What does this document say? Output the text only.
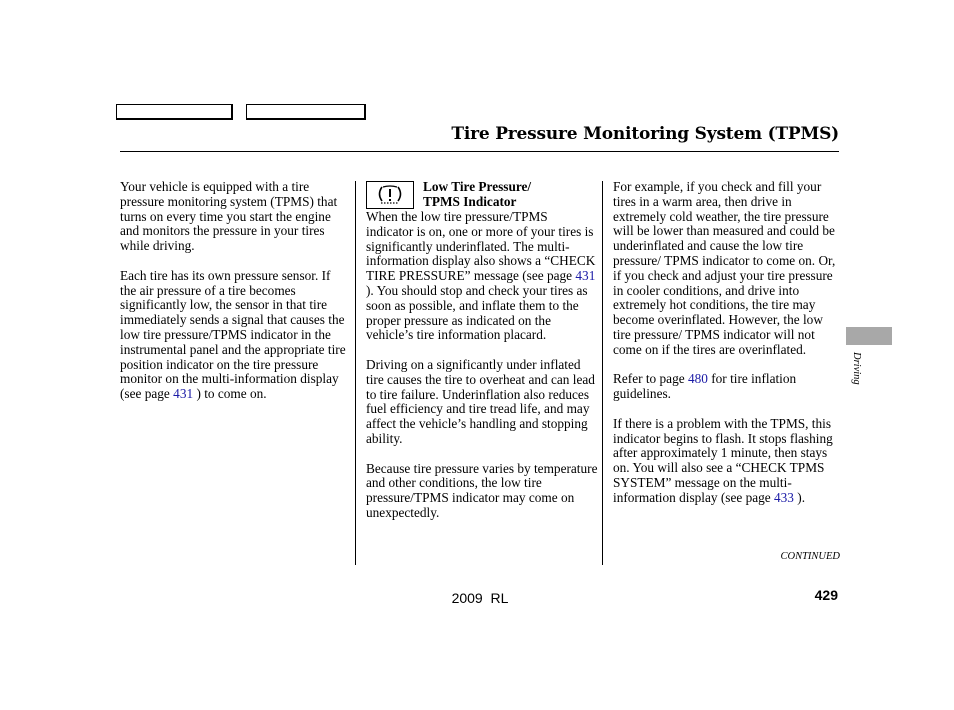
Tire Pressure Monitoring System (TPMS)

Your vehicle is equipped with a tire pressure monitoring system (TPMS) that turns on every time you start the engine and monitors the pressure in your tires while driving.

Each tire has its own pressure sensor. If the air pressure of a tire becomes significantly low, the sensor in that tire immediately sends a signal that causes the low tire pressure/TPMS indicator in the instrumental panel and the appropriate tire position indicator on the tire pressure monitor on the multi-information display (see page 431 ) to come on.

Low Tire Pressure/
TPMS Indicator

When the low tire pressure/TPMS indicator is on, one or more of your tires is significantly underinflated. The multi-information display also shows a “CHECK TIRE PRESSURE” message (see page 431 ). You should stop and check your tires as soon as possible, and inflate them to the proper pressure as indicated on the vehicle’s tire information placard.

Driving on a significantly under inflated tire causes the tire to overheat and can lead to tire failure. Underinflation also reduces fuel efficiency and tire tread life, and may affect the vehicle’s handling and stopping ability.

Because tire pressure varies by temperature and other conditions, the low tire pressure/TPMS indicator may come on unexpectedly.

For example, if you check and fill your tires in a warm area, then drive in extremely cold weather, the tire pressure will be lower than measured and could be underinflated and cause the low tire pressure/ TPMS indicator to come on. Or, if you check and adjust your tire pressure in cooler conditions, and drive into extremely hot conditions, the tire may become overinflated. However, the low tire pressure/ TPMS indicator will not come on if the tires are overinflated.

Refer to page 480 for tire inflation guidelines.

If there is a problem with the TPMS, this indicator begins to flash. It stops flashing after approximately 1 minute, then stays on. You will also see a “CHECK TPMS SYSTEM” message on the multi-information display (see page 433 ).

CONTINUED
Driving
2009  RL	429
